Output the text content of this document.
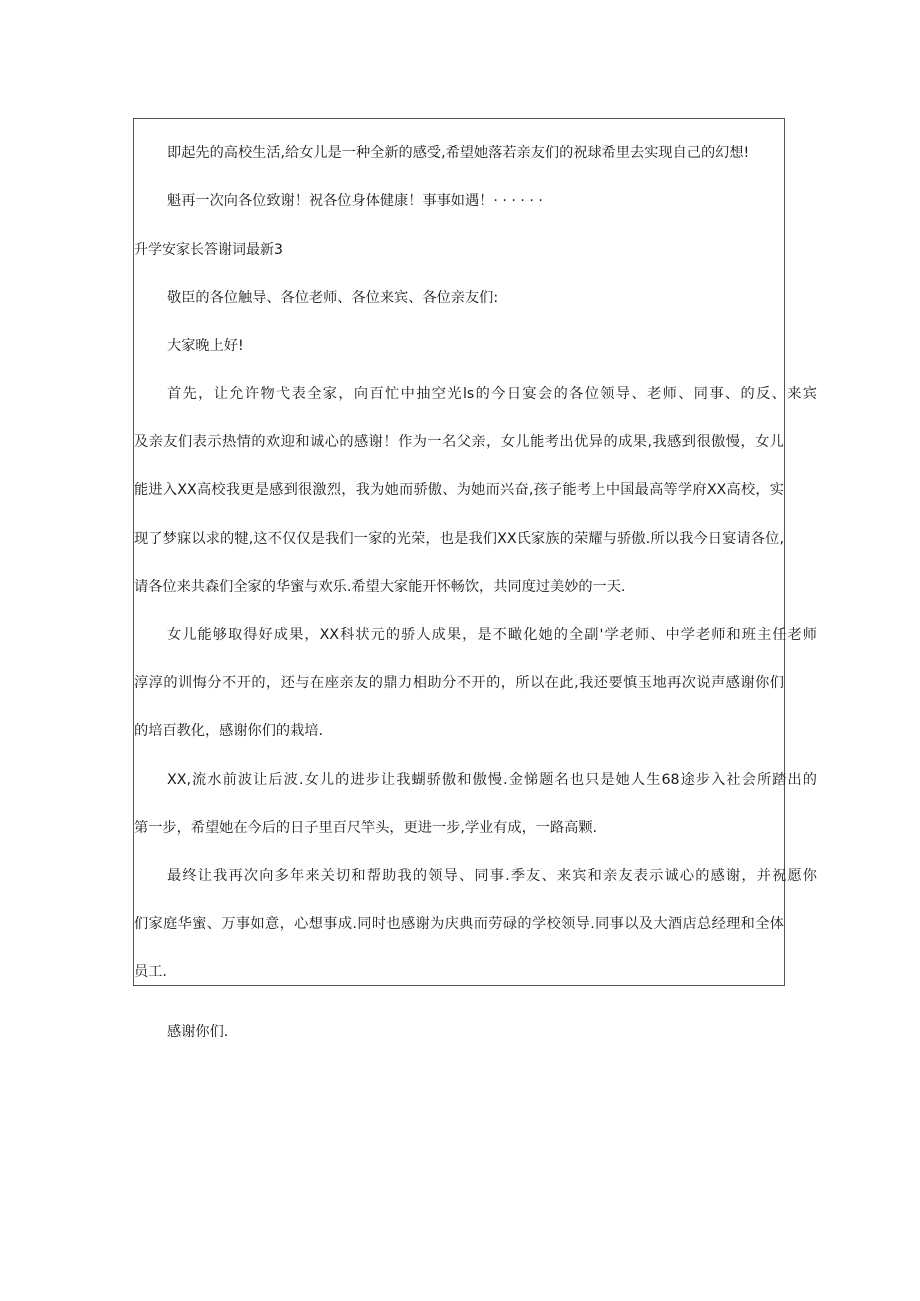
即起先的高校生活,给女儿是一种全新的感受,希望她落若亲友们的祝球希里去实现自己的幻想!
魁再一次向各位致谢！祝各位身体健康！事事如遇！· · · · · ·
升学安家长答谢词最新3
敬臣的各位触导、各位老师、各位来宾、各位亲友们:
大家晚上好!
首先，让允许物弋表全家，向百忙中抽空光ls的今日宴会的各位领导、老师、同事、的反、来宾
及亲友们表示热情的欢迎和诚心的感谢！作为一名父亲，女儿能考出优异的成果,我感到很傲慢，女儿
能进入XX高校我更是感到很激烈，我为她而骄傲、为她而兴奋,孩子能考上中国最高等学府XX高校，实
现了梦寐以求的犍,这不仅仅是我们一家的光荣，也是我们XX氏家族的荣耀与骄傲.所以我今日宴请各位,
请各位来共森们全家的华蜜与欢乐.希望大家能开怀畅饮，共同度过美妙的一天.
女儿能够取得好成果，XX科状元的骄人成果，是不瞰化她的全副'学老师、中学老师和班主任老师
淳淳的训悔分不开的，还与在座亲友的鼎力相助分不开的，所以在此,我还要慎玉地再次说声感谢你们
的培百教化，感谢你们的栽培.
XX,流水前波让后波.女儿的进步让我蝴骄傲和傲慢.金悌题名也只是她人生68途步入社会所踏出的
第一步，希望她在今后的日子里百尺竿头，更进一步,学业有成，一路高颗.
最终让我再次向多年来关切和帮助我的领导、同事.季友、来宾和亲友表示诚心的感谢，并祝愿你
们家庭华蜜、万事如意，心想事成.同时也感谢为庆典而劳碌的学校领导.同事以及大酒店总经理和全体
员工.
感谢你们.
